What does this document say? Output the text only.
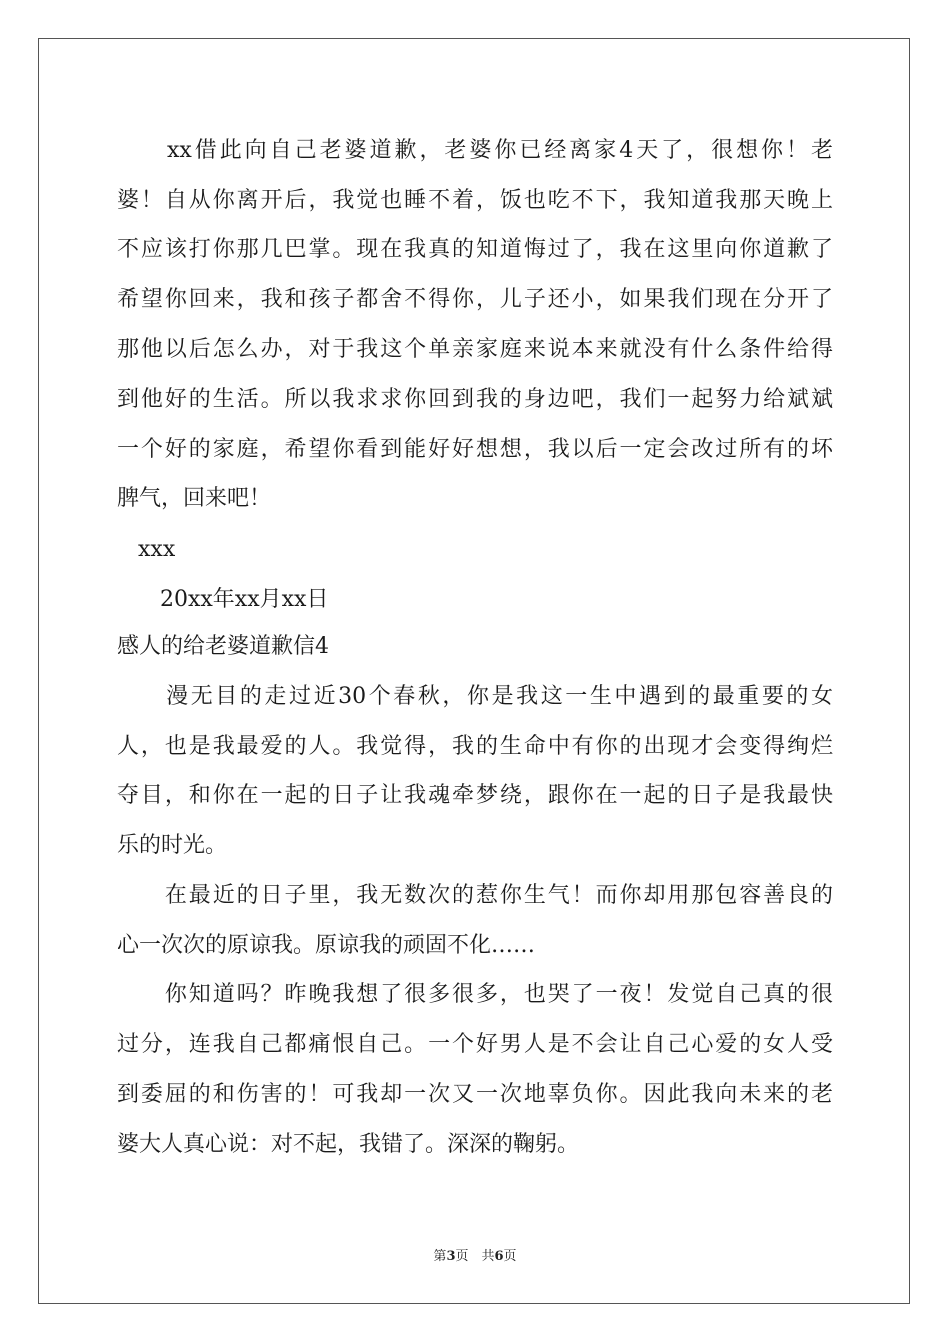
　　xx借此向自己老婆道歉，老婆你已经离家4天了，很想你！老
婆！自从你离开后，我觉也睡不着，饭也吃不下，我知道我那天晚上
不应该打你那几巴掌。现在我真的知道悔过了，我在这里向你道歉了
希望你回来，我和孩子都舍不得你，儿子还小，如果我们现在分开了
那他以后怎么办，对于我这个单亲家庭来说本来就没有什么条件给得
到他好的生活。所以我求求你回到我的身边吧，我们一起努力给斌斌
一个好的家庭，希望你看到能好好想想，我以后一定会改过所有的坏
脾气，回来吧！
xxx
20xx年xx月xx日
感人的给老婆道歉信4
　　漫无目的走过近30个春秋，你是我这一生中遇到的最重要的女
人，也是我最爱的人。我觉得，我的生命中有你的出现才会变得绚烂
夺目，和你在一起的日子让我魂牵梦绕，跟你在一起的日子是我最快
乐的时光。
　　在最近的日子里，我无数次的惹你生气！而你却用那包容善良的
心一次次的原谅我。原谅我的顽固不化……
　　你知道吗？昨晚我想了很多很多，也哭了一夜！发觉自己真的很
过分，连我自己都痛恨自己。一个好男人是不会让自己心爱的女人受
到委屈的和伤害的！可我却一次又一次地辜负你。因此我向未来的老
婆大人真心说：对不起，我错了。深深的鞠躬。
第3页　共6页
